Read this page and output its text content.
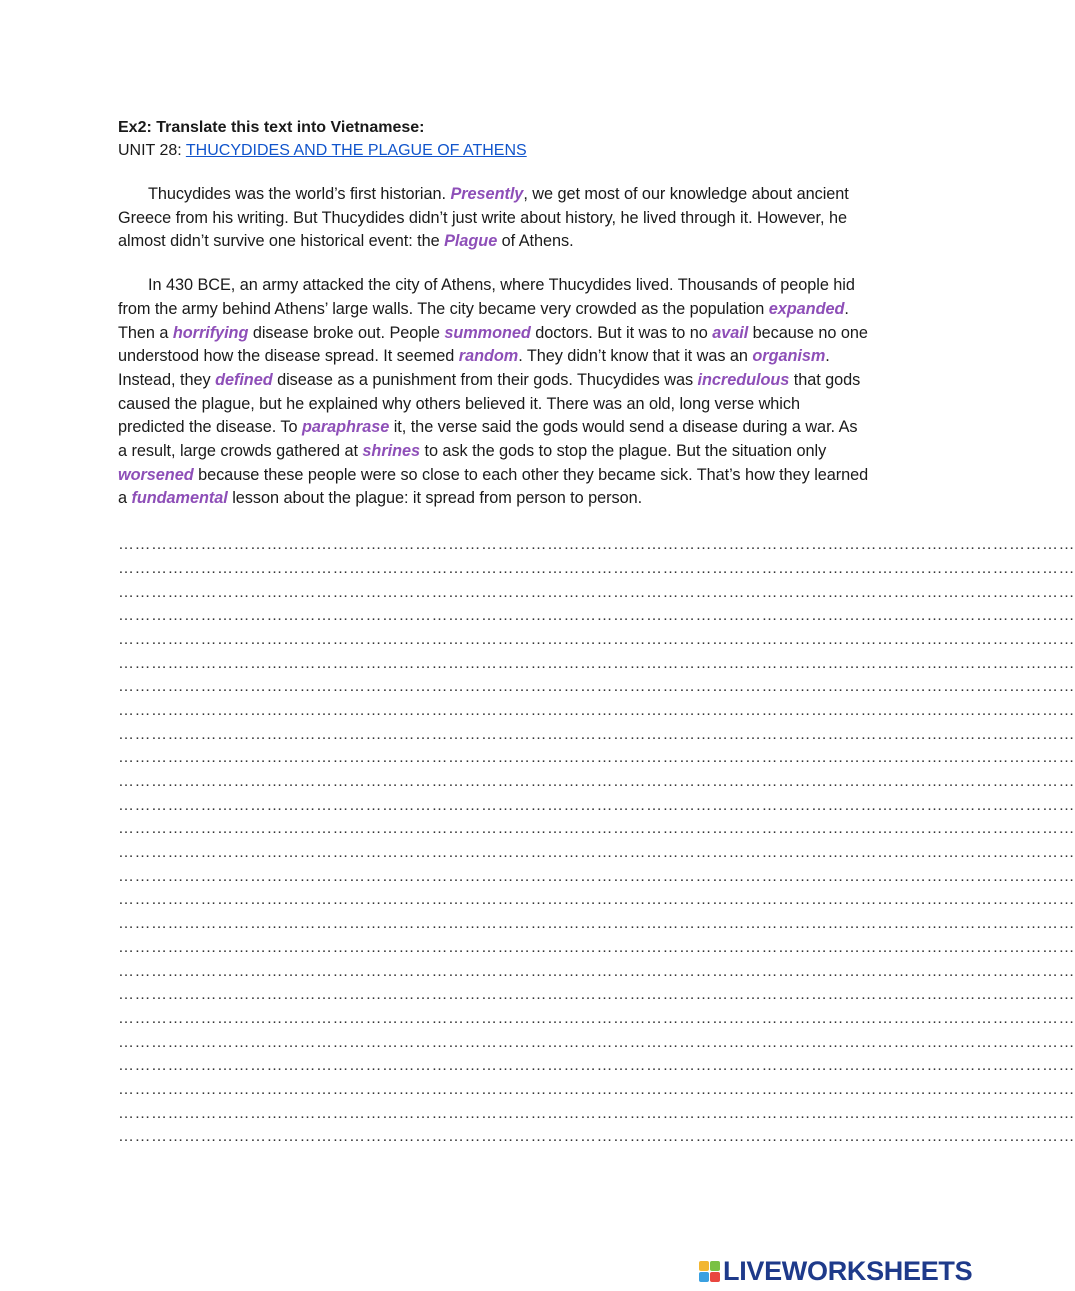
Ex2: Translate this text into Vietnamese:

UNIT 28: THUCYDIDES AND THE PLAGUE OF ATHENS

Thucydides was the world’s first historian. Presently, we get most of our knowledge about ancient Greece from his writing. But Thucydides didn’t just write about history, he lived through it. However, he almost didn’t survive one historical event: the Plague of Athens.

In 430 BCE, an army attacked the city of Athens, where Thucydides lived. Thousands of people hid from the army behind Athens’ large walls. The city became very crowded as the population expanded. Then a horrifying disease broke out. People summoned doctors. But it was to no avail because no one understood how the disease spread. It seemed random. They didn’t know that it was an organism. Instead, they defined disease as a punishment from their gods. Thucydides was incredulous that gods caused the plague, but he explained why others believed it. There was an old, long verse which predicted the disease. To paraphrase it, the verse said the gods would send a disease during a war. As a result, large crowds gathered at shrines to ask the gods to stop the plague. But the situation only worsened because these people were so close to each other they became sick. That’s how they learned a fundamental lesson about the plague: it spread from person to person.

…………………………………………………………………………………………………………………………………………………………
…………………………………………………………………………………………………………………………………………………………
…………………………………………………………………………………………………………………………………………………………
…………………………………………………………………………………………………………………………………………………………
…………………………………………………………………………………………………………………………………………………………
…………………………………………………………………………………………………………………………………………………………
…………………………………………………………………………………………………………………………………………………………
…………………………………………………………………………………………………………………………………………………………
…………………………………………………………………………………………………………………………………………………………
…………………………………………………………………………………………………………………………………………………………
…………………………………………………………………………………………………………………………………………………………
…………………………………………………………………………………………………………………………………………………………
…………………………………………………………………………………………………………………………………………………………
…………………………………………………………………………………………………………………………………………………………
…………………………………………………………………………………………………………………………………………………………
…………………………………………………………………………………………………………………………………………………………
…………………………………………………………………………………………………………………………………………………………
…………………………………………………………………………………………………………………………………………………………
…………………………………………………………………………………………………………………………………………………………
…………………………………………………………………………………………………………………………………………………………
…………………………………………………………………………………………………………………………………………………………
…………………………………………………………………………………………………………………………………………………………
…………………………………………………………………………………………………………………………………………………………
…………………………………………………………………………………………………………………………………………………………
…………………………………………………………………………………………………………………………………………………………
…………………………………………………………………………………………………………………………………………………………
LIVEWORKSHEETS
